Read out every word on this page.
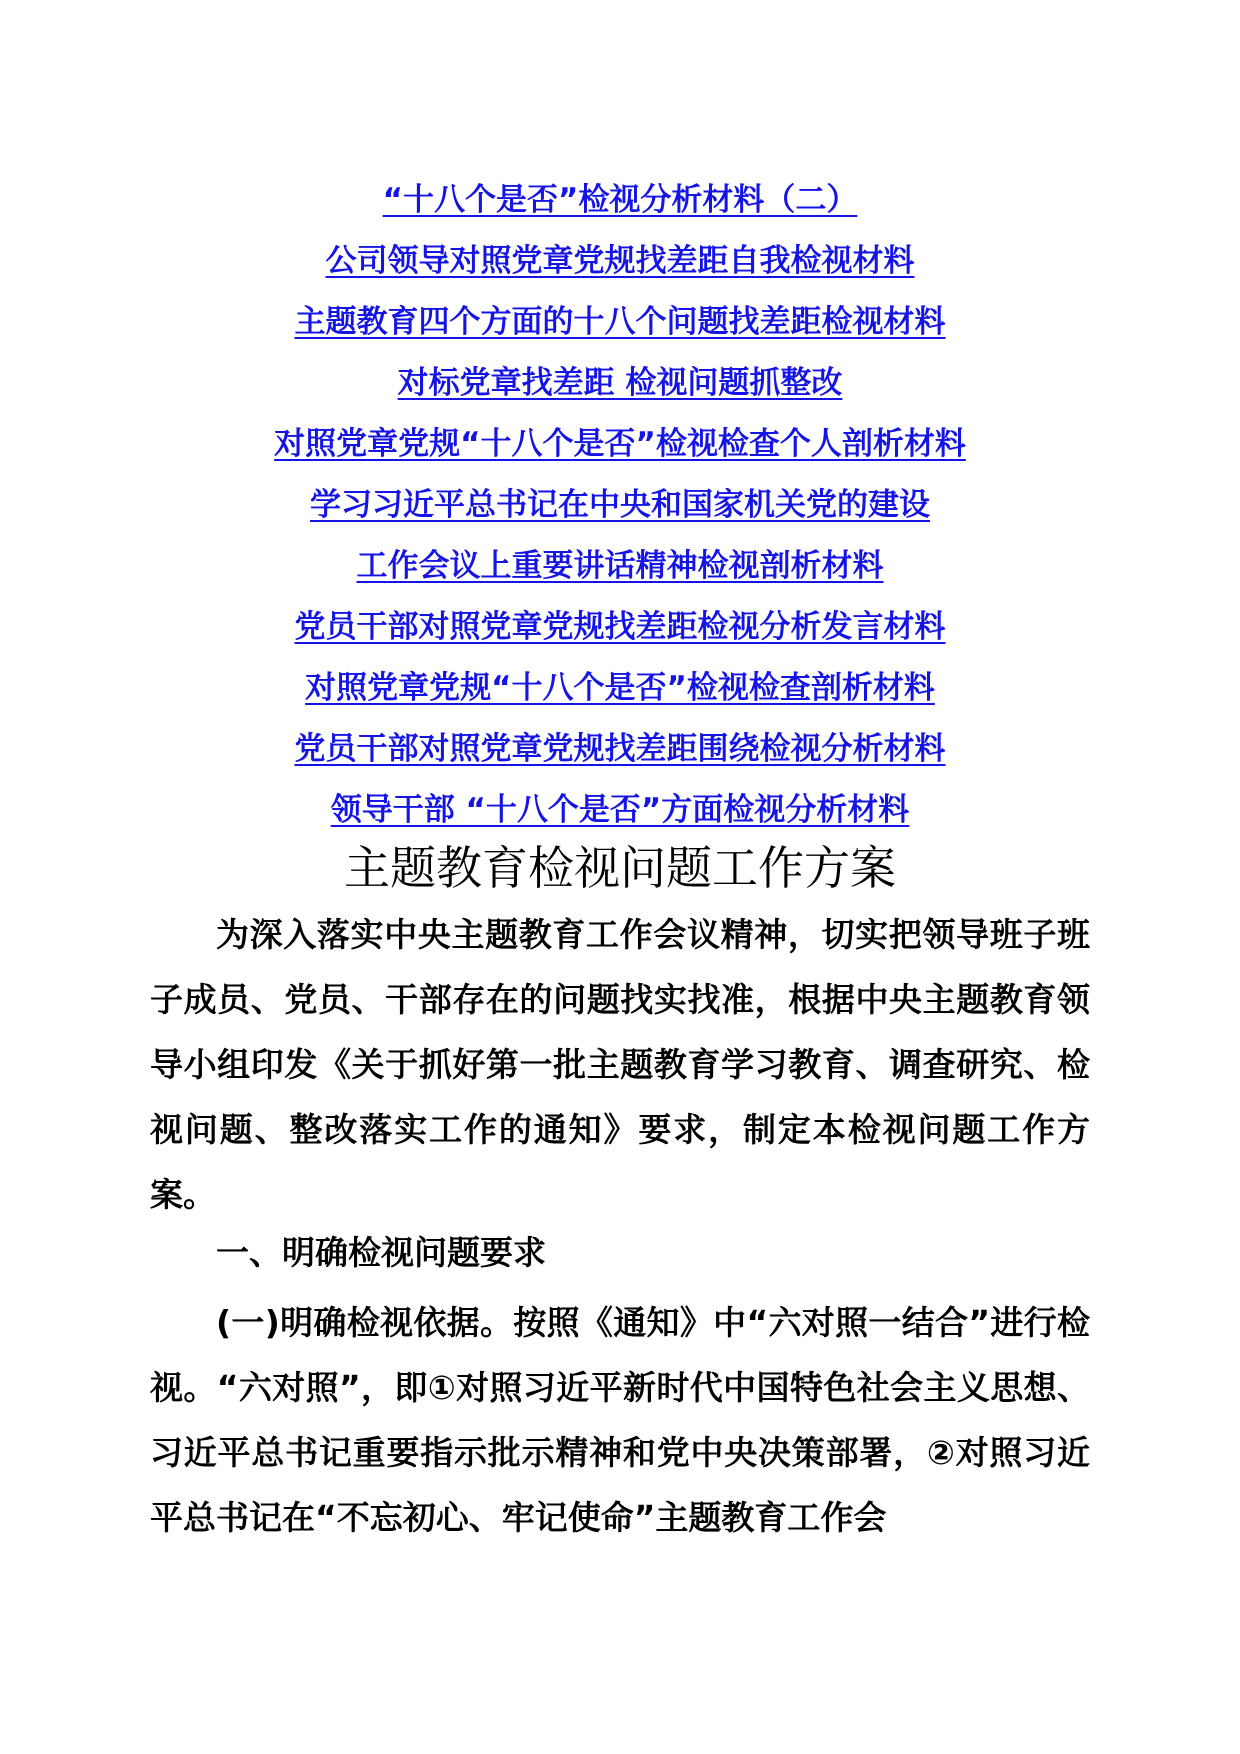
“十八个是否”检视分析材料（二）
公司领导对照党章党规找差距自我检视材料
主题教育四个方面的十八个问题找差距检视材料
对标党章找差距 检视问题抓整改
对照党章党规“十八个是否”检视检查个人剖析材料
学习习近平总书记在中央和国家机关党的建设
工作会议上重要讲话精神检视剖析材料
党员干部对照党章党规找差距检视分析发言材料
对照党章党规“十八个是否”检视检查剖析材料
党员干部对照党章党规找差距围绕检视分析材料
领导干部 “十八个是否”方面检视分析材料
主题教育检视问题工作方案

为深入落实中央主题教育工作会议精神，切实把领导班子班子成员、党员、干部存在的问题找实找准，根据中央主题教育领导小组印发《关于抓好第一批主题教育学习教育、调查研究、检视问题、整改落实工作的通知》要求，制定本检视问题工作方案。

一、明确检视问题要求

(一)明确检视依据。按照《通知》中“六对照一结合”进行检视。“六对照”，即①对照习近平新时代中国特色社会主义思想、习近平总书记重要指示批示精神和党中央决策部署，②对照习近平总书记在“不忘初心、牢记使命”主题教育工作会
